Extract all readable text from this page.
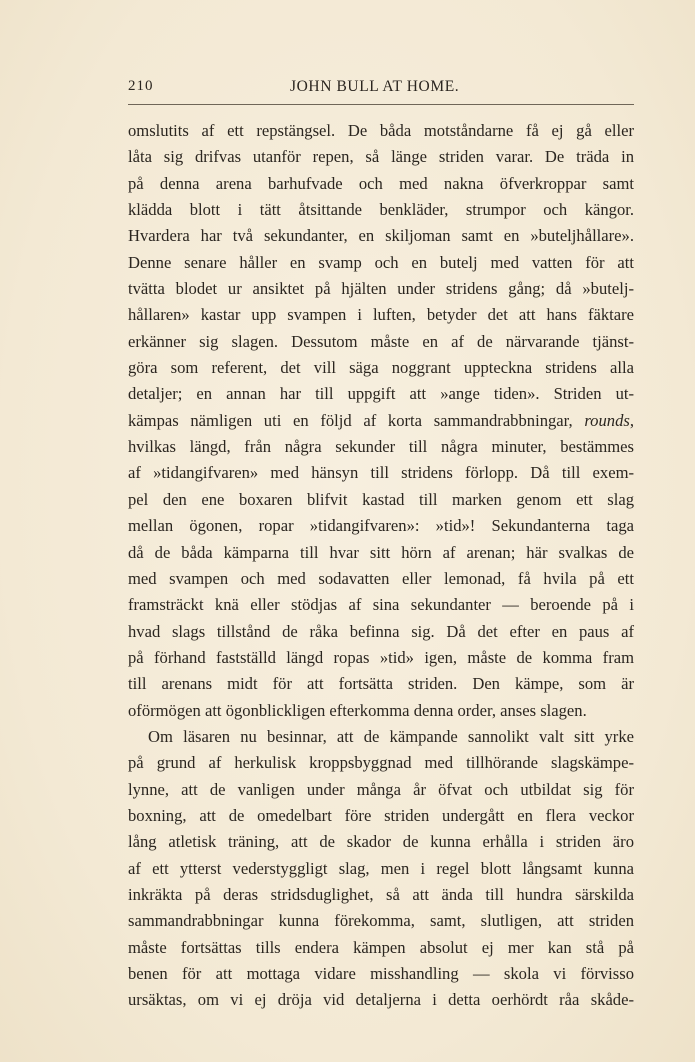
210	JOHN BULL AT HOME.
omslutits af ett repstängsel. De båda motståndarne få ej gå eller
låta sig drifvas utanför repen, så länge striden varar. De träda in
på denna arena barhufvade och med nakna öfverkroppar samt
klädda blott i tätt åtsittande benkläder, strumpor och kängor.
Hvardera har två sekundanter, en skiljoman samt en »buteljhållare».
Denne senare håller en svamp och en butelj med vatten för att
tvätta blodet ur ansiktet på hjälten under stridens gång; då »butelj-
hållaren» kastar upp svampen i luften, betyder det att hans fäktare
erkänner sig slagen. Dessutom måste en af de närvarande tjänst-
göra som referent, det vill säga noggrant uppteckna stridens alla
detaljer; en annan har till uppgift att »ange tiden». Striden ut-
kämpas nämligen uti en följd af korta sammandrabbningar, rounds,
hvilkas längd, från några sekunder till några minuter, bestämmes
af »tidangifvaren» med hänsyn till stridens förlopp. Då till exem-
pel den ene boxaren blifvit kastad till marken genom ett slag
mellan ögonen, ropar »tidangifvaren»: »tid»! Sekundanterna taga
då de båda kämparna till hvar sitt hörn af arenan; här svalkas de
med svampen och med sodavatten eller lemonad, få hvila på ett
framsträckt knä eller stödjas af sina sekundanter — beroende på i
hvad slags tillstånd de råka befinna sig. Då det efter en paus af
på förhand fastställd längd ropas »tid» igen, måste de komma fram
till arenans midt för att fortsätta striden. Den kämpe, som är
oförmögen att ögonblickligen efterkomma denna order, anses slagen.
Om läsaren nu besinnar, att de kämpande sannolikt valt sitt yrke
på grund af herkulisk kroppsbyggnad med tillhörande slagskämpe-
lynne, att de vanligen under många år öfvat och utbildat sig för
boxning, att de omedelbart före striden undergått en flera veckor
lång atletisk träning, att de skador de kunna erhålla i striden äro
af ett ytterst vederstyggligt slag, men i regel blott långsamt kunna
inkräkta på deras stridsduglighet, så att ända till hundra särskilda
sammandrabbningar kunna förekomma, samt, slutligen, att striden
måste fortsättas tills endera kämpen absolut ej mer kan stå på
benen för att mottaga vidare misshandling — skola vi förvisso
ursäktas, om vi ej dröja vid detaljerna i detta oerhördt råa skåde-
